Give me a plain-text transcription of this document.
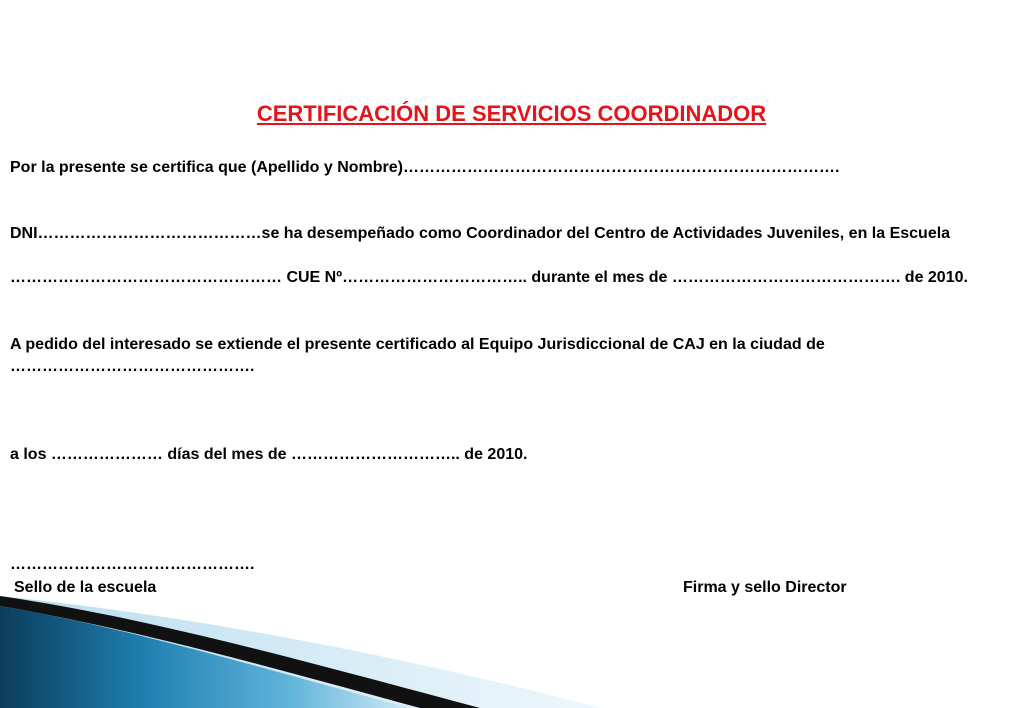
CERTIFICACIÓN DE SERVICIOS COORDINADOR
Por la presente se certifica que (Apellido y Nombre)……………………………………………………………………….
DNI……………………………………se ha desempeñado como Coordinador del Centro de Actividades Juveniles, en la Escuela
…………………………………………… CUE Nº…………………………….. durante el mes de ……………………………………. de 2010.
A pedido del interesado se extiende el presente certificado al Equipo Jurisdiccional de CAJ en la ciudad de
……………………………………….
a los ………………… días del mes de ………………………….. de 2010.
……………………………………….
Sello de la escuela	Firma y sello Director
